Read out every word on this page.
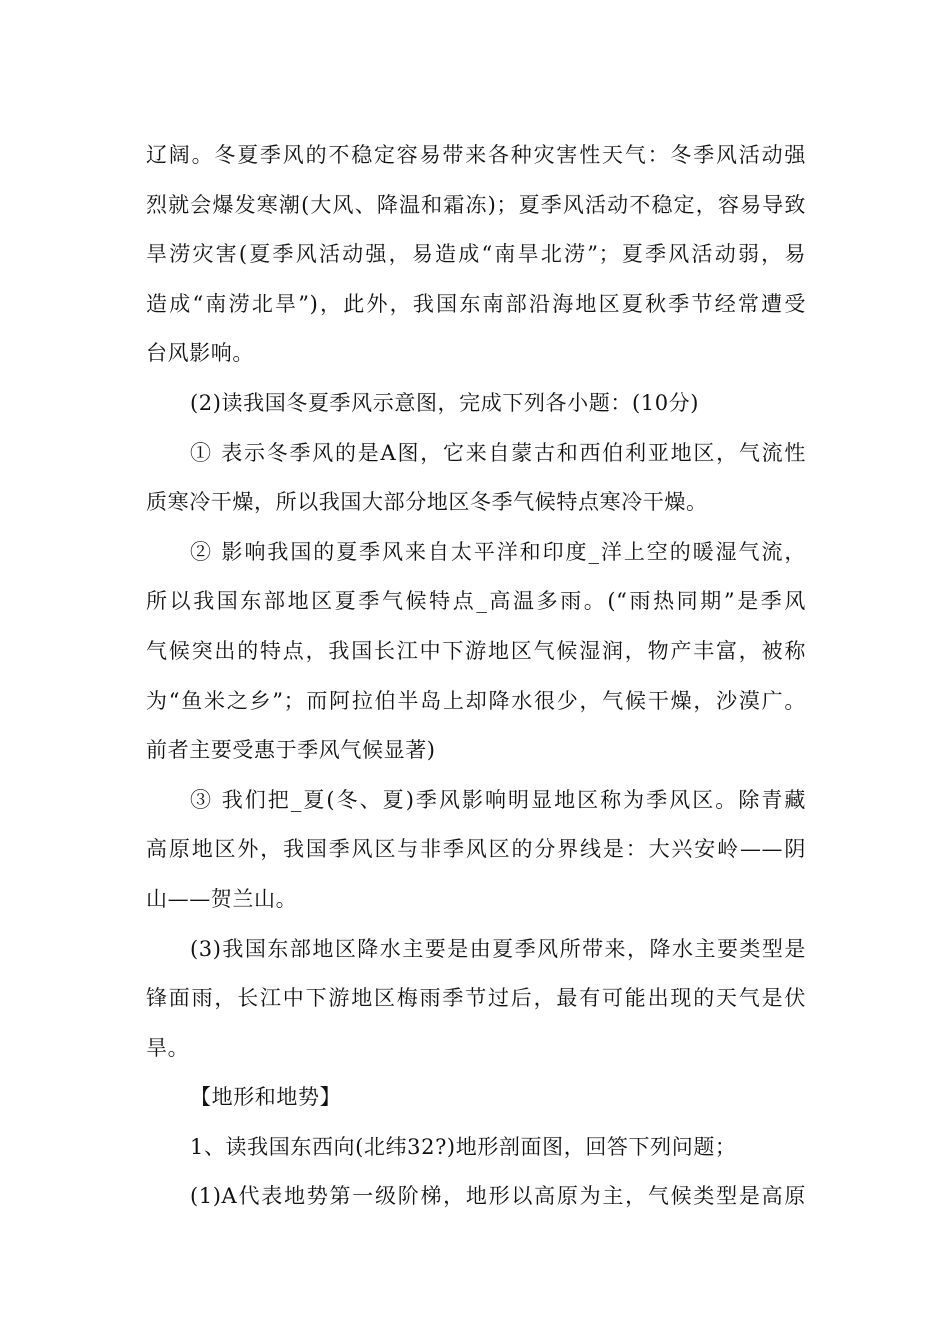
辽阔。冬夏季风的不稳定容易带来各种灾害性天气：冬季风活动强
烈就会爆发寒潮(大风、降温和霜冻)；夏季风活动不稳定，容易导致
旱涝灾害(夏季风活动强，易造成“南旱北涝”；夏季风活动弱，易
造成“南涝北旱”)，此外，我国东南部沿海地区夏秋季节经常遭受
台风影响。
(2)读我国冬夏季风示意图，完成下列各小题：(10分)
① 表示冬季风的是A图，它来自蒙古和西伯利亚地区，气流性
质寒冷干燥，所以我国大部分地区冬季气候特点寒冷干燥。
② 影响我国的夏季风来自太平洋和印度_洋上空的暖湿气流，
所以我国东部地区夏季气候特点_高温多雨。(“雨热同期”是季风
气候突出的特点，我国长江中下游地区气候湿润，物产丰富，被称
为“鱼米之乡”；而阿拉伯半岛上却降水很少，气候干燥，沙漠广。
前者主要受惠于季风气候显著)
③ 我们把_夏(冬、夏)季风影响明显地区称为季风区。除青藏
高原地区外，我国季风区与非季风区的分界线是：大兴安岭——阴
山——贺兰山。
(3)我国东部地区降水主要是由夏季风所带来，降水主要类型是
锋面雨，长江中下游地区梅雨季节过后，最有可能出现的天气是伏
旱。
【地形和地势】
1、读我国东西向(北纬32?)地形剖面图，回答下列问题；
(1)A代表地势第一级阶梯，地形以高原为主，气候类型是高原
